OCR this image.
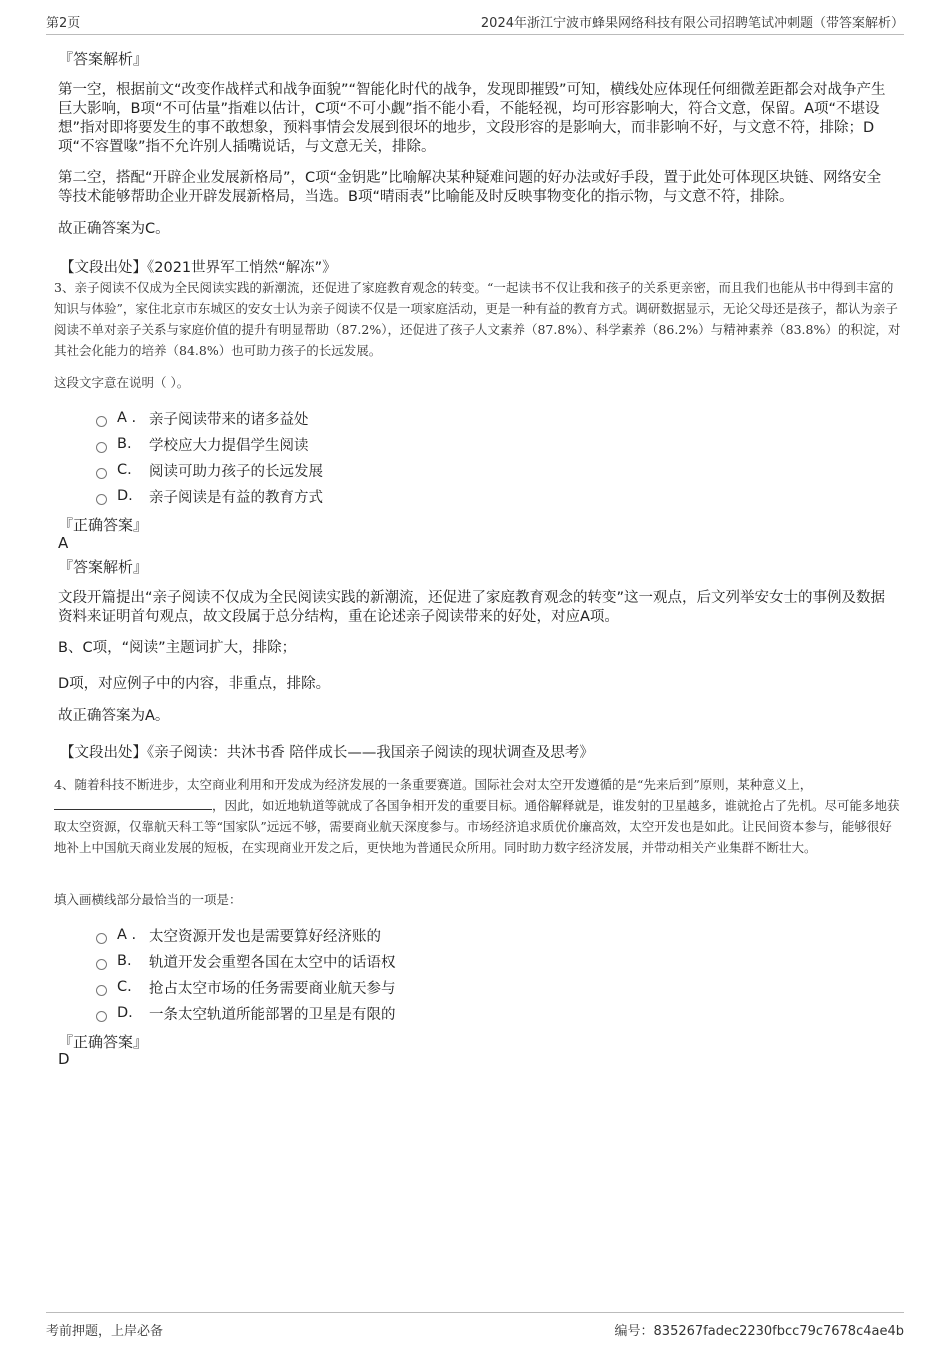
第2页	2024年浙江宁波市蜂果网络科技有限公司招聘笔试冲刺题（带答案解析）
『答案解析』
第一空，根据前文“改变作战样式和战争面貌”“智能化时代的战争，发现即摧毁”可知，横线处应体现任何细微差距都会对战争产生巨大影响，B项“不可估量”指难以估计，C项“不可小觑”指不能小看，不能轻视，均可形容影响大，符合文意，保留。A项“不堪设想”指对即将要发生的事不敢想象，预料事情会发展到很坏的地步，文段形容的是影响大，而非影响不好，与文意不符，排除；D项“不容置喙”指不允许别人插嘴说话，与文意无关，排除。
第二空，搭配“开辟企业发展新格局”，C项“金钥匙”比喻解决某种疑难问题的好办法或好手段，置于此处可体现区块链、网络安全等技术能够帮助企业开辟发展新格局，当选。B项“晴雨表”比喻能及时反映事物变化的指示物，与文意不符，排除。
故正确答案为C。
【文段出处】《2021世界军工悄然“解冻”》
3、亲子阅读不仅成为全民阅读实践的新潮流，还促进了家庭教育观念的转变。“一起读书不仅让我和孩子的关系更亲密，而且我们也能从书中得到丰富的知识与体验”，家住北京市东城区的安女士认为亲子阅读不仅是一项家庭活动，更是一种有益的教育方式。调研数据显示，无论父母还是孩子，都认为亲子阅读不单对亲子关系与家庭价值的提升有明显帮助（87.2%），还促进了孩子人文素养（87.8%）、科学素养（86.2%）与精神素养（83.8%）的积淀，对其社会化能力的培养（84.8%）也可助力孩子的长远发展。
这段文字意在说明（ ）。
A . 亲子阅读带来的诸多益处
B.	学校应大力提倡学生阅读
C.	阅读可助力孩子的长远发展
D.	亲子阅读是有益的教育方式
『正确答案』
A
『答案解析』
文段开篇提出“亲子阅读不仅成为全民阅读实践的新潮流，还促进了家庭教育观念的转变”这一观点，后文列举安女士的事例及数据资料来证明首句观点，故文段属于总分结构，重在论述亲子阅读带来的好处，对应A项。
B、C项，“阅读”主题词扩大，排除；
D项，对应例子中的内容，非重点，排除。
故正确答案为A。
【文段出处】《亲子阅读：共沐书香 陪伴成长——我国亲子阅读的现状调查及思考》
4、随着科技不断进步，太空商业利用和开发成为经济发展的一条重要赛道。国际社会对太空开发遵循的是“先来后到”原则，某种意义上，，因此，如近地轨道等就成了各国争相开发的重要目标。通俗解释就是，谁发射的卫星越多，谁就抢占了先机。尽可能多地获取太空资源，仅靠航天科工等“国家队”远远不够，需要商业航天深度参与。市场经济追求质优价廉高效，太空开发也是如此。让民间资本参与，能够很好地补上中国航天商业发展的短板，在实现商业开发之后，更快地为普通民众所用。同时助力数字经济发展，并带动相关产业集群不断壮大。
填入画横线部分最恰当的一项是：
A . 太空资源开发也是需要算好经济账的
B.	轨道开发会重塑各国在太空中的话语权
C.	抢占太空市场的任务需要商业航天参与
D.	一条太空轨道所能部署的卫星是有限的
『正确答案』
D
考前押题，上岸必备	编号：835267fadec2230fbcc79c7678c4ae4b
